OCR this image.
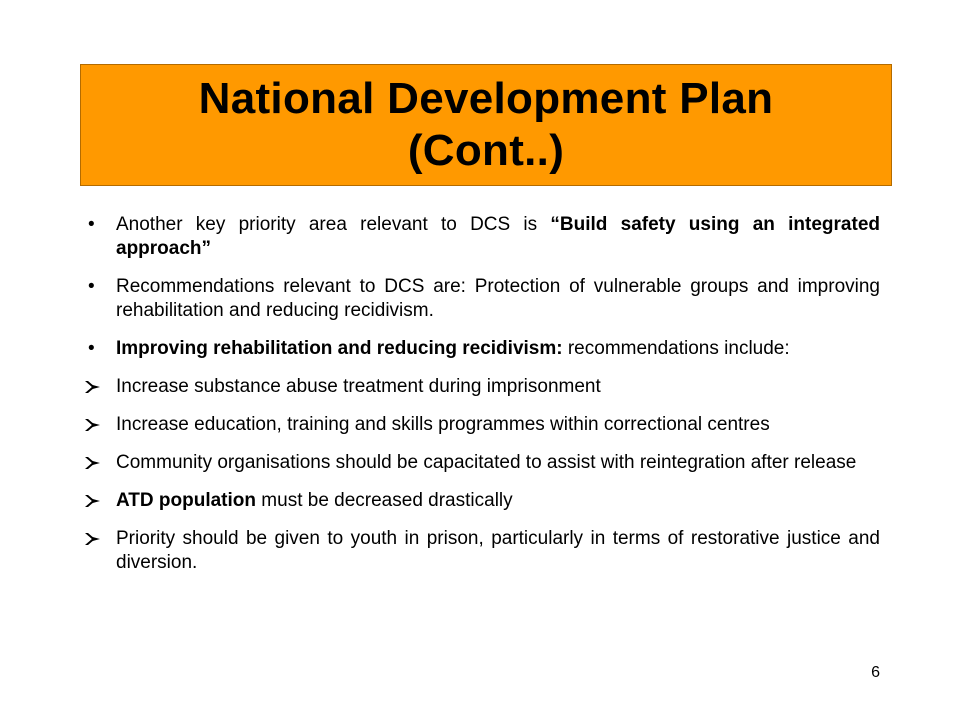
National Development Plan
(Cont..)
•	Another key priority area relevant to DCS is “Build safety using an integrated approach”
•	Recommendations relevant to DCS are: Protection of vulnerable groups and improving rehabilitation and reducing recidivism.
•	Improving rehabilitation and reducing recidivism: recommendations include:
Increase substance abuse treatment during imprisonment
Increase education, training and skills programmes within correctional centres
Community organisations should be capacitated to assist with reintegration after release
ATD population must be decreased drastically
Priority should be given to youth in prison, particularly in terms of restorative justice and diversion.
6
